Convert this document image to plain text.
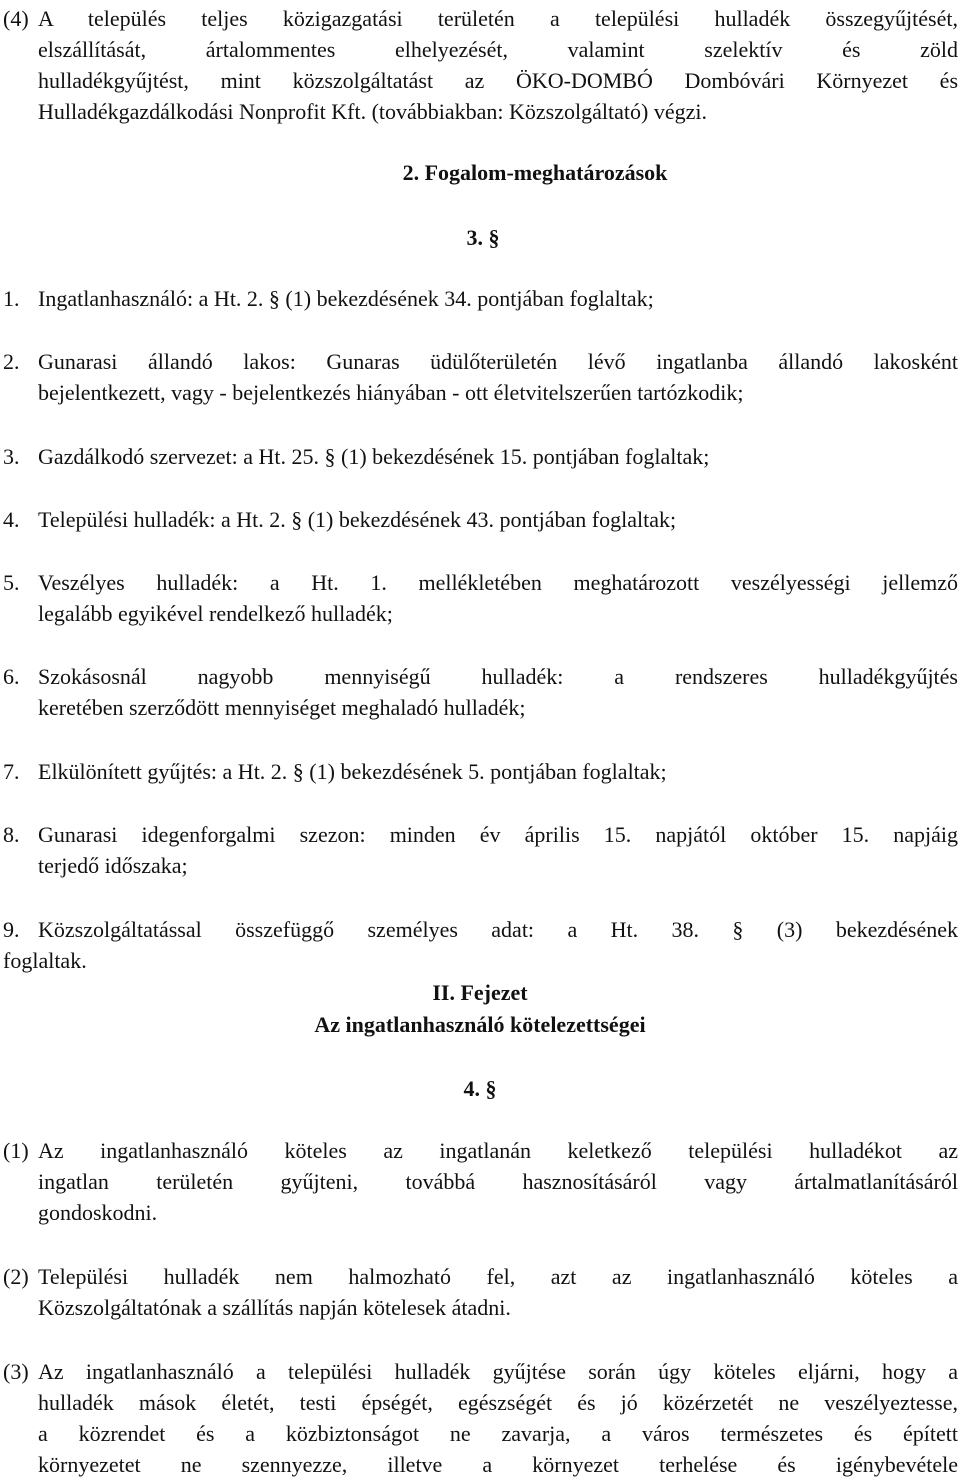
(4) A település teljes közigazgatási területén a települési hulladék összegyűjtését,
elszállítását, ártalommentes elhelyezését, valamint szelektív és zöld
hulladékgyűjtést, mint közszolgáltatást az ÖKO-DOMBÓ Dombóvári Környezet és
Hulladékgazdálkodási Nonprofit Kft. (továbbiakban: Közszolgáltató) végzi.
2. Fogalom-meghatározások
3. §
1. Ingatlanhasználó: a Ht. 2. § (1) bekezdésének 34. pontjában foglaltak;
2. Gunarasi állandó lakos: Gunaras üdülőterületén lévő ingatlanba állandó lakosként
bejelentkezett, vagy - bejelentkezés hiányában - ott életvitelszerűen tartózkodik;
3. Gazdálkodó szervezet: a Ht. 25. § (1) bekezdésének 15. pontjában foglaltak;
4. Települési hulladék: a Ht. 2. § (1) bekezdésének 43. pontjában foglaltak;
5. Veszélyes hulladék: a Ht. 1. mellékletében meghatározott veszélyességi jellemző
legalább egyikével rendelkező hulladék;
6. Szokásosnál nagyobb mennyiségű hulladék: a rendszeres hulladékgyűjtés
keretében szerződött mennyiséget meghaladó hulladék;
7. Elkülönített gyűjtés: a Ht. 2. § (1) bekezdésének 5. pontjában foglaltak;
8. Gunarasi idegenforgalmi szezon: minden év április 15. napjától október 15. napjáig
terjedő időszaka;
9. Közszolgáltatással összefüggő személyes adat: a Ht. 38. § (3) bekezdésének
foglaltak.
II. Fejezet
Az ingatlanhasználó kötelezettségei
4. §
(1) Az ingatlanhasználó köteles az ingatlanán keletkező települési hulladékot az
ingatlan területén gyűjteni, továbbá hasznosításáról vagy ártalmatlanításáról
gondoskodni.
(2) Települési hulladék nem halmozható fel, azt az ingatlanhasználó köteles a
Közszolgáltatónak a szállítás napján kötelesek átadni.
(3) Az ingatlanhasználó a települési hulladék gyűjtése során úgy köteles eljárni, hogy a
hulladék mások életét, testi épségét, egészségét és jó közérzetét ne veszélyeztesse,
a közrendet és a közbiztonságot ne zavarja, a város természetes és épített
környezetet ne szennyezze, illetve a környezet terhelése és igénybevétele
